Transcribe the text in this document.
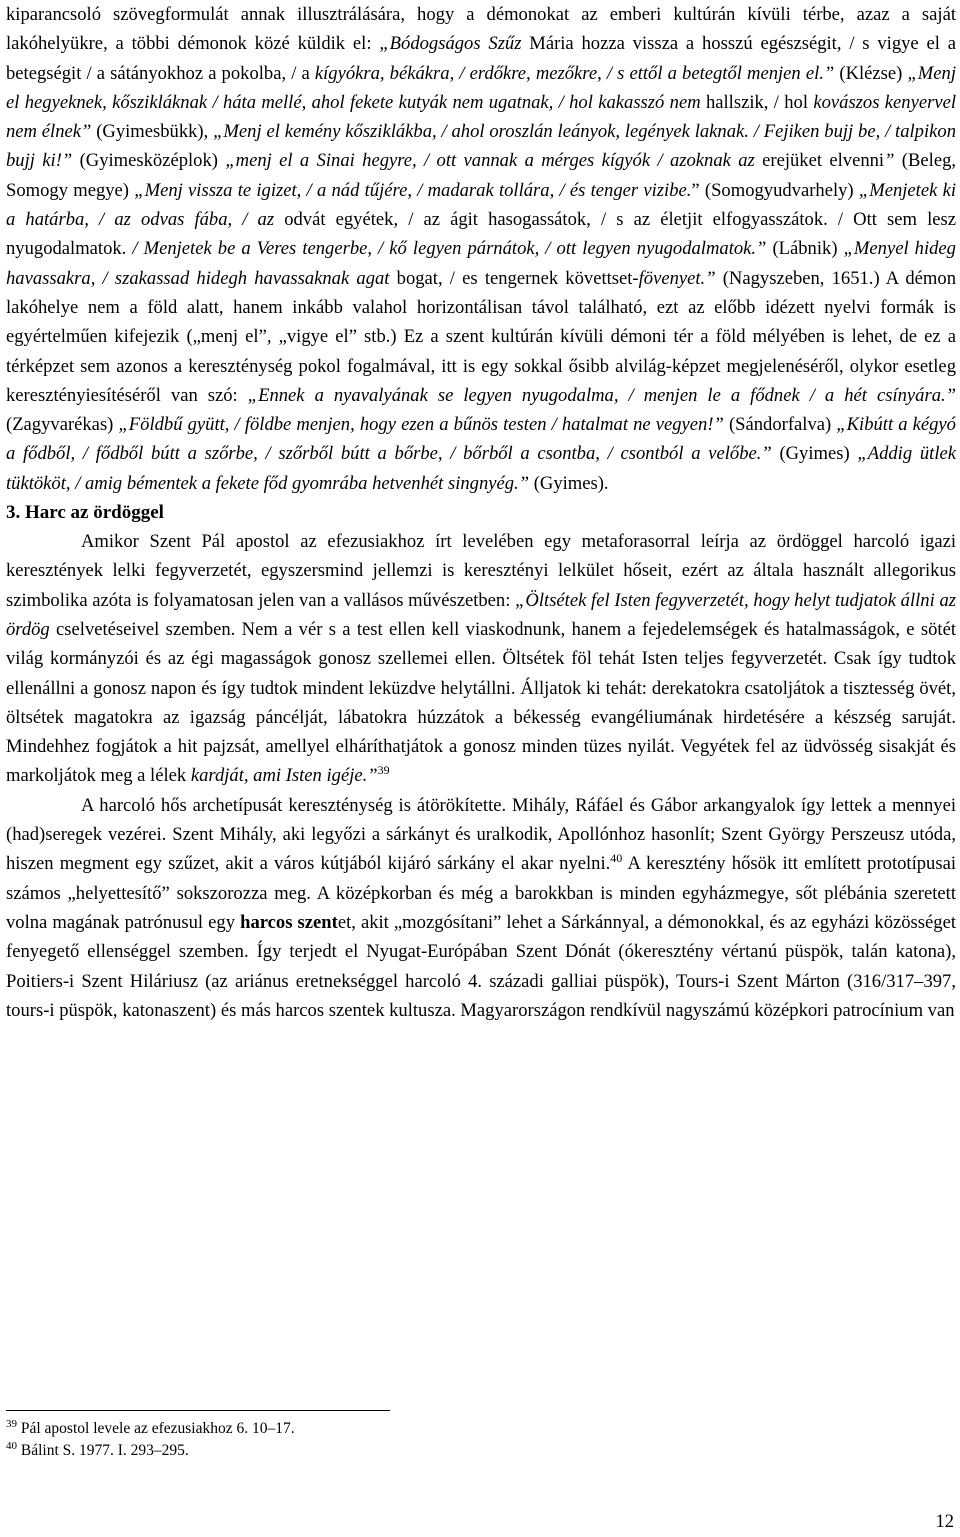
kiparancsoló szövegformulát annak illusztrálására, hogy a démonokat az emberi kultúrán kívüli térbe, azaz a saját lakóhelyükre, a többi démonok közé küldik el: „Bódogságos Szűz Mária hozza vissza a hosszú egészségit, / s vigye el a betegségit / a sátányokhoz a pokolba, / a kígyókra, békákra, / erdőkre, mezőkre, / s ettől a betegtől menjen el.” (Klézse) „Menj el hegyeknek, kőszikláknak / háta mellé, ahol fekete kutyák nem ugatnak, / hol kakasszó nem hallszik, / hol kovászos kenyervel nem élnek” (Gyimesbükk), „Menj el kemény kősziklákba, / ahol oroszlán leányok, legények laknak. / Fejiken bujj be, / talpikon bujj ki!” (Gyimesközéplok) „menj el a Sinai hegyre, / ott vannak a mérges kígyók / azoknak az erejüket elvenni” (Beleg, Somogy megye) „Menj vissza te igizet, / a nád tűjére, / madarak tollára, / és tenger vizibe.” (Somogyudvarhely) „Menjetek ki a határba, / az odvas fába, / az odvát egyétek, / az ágit hasogassátok, / s az életjit elfogyasszátok. / Ott sem lesz nyugodalmatok. / Menjetek be a Veres tengerbe, / kő legyen párnátok, / ott legyen nyugodalmatok.” (Lábnik) „Menyel hideg havassakra, / szakassad hidegh havassaknak agat bogat, / es tengernek követtset-fövenyet.” (Nagyszeben, 1651.) A démon lakóhelye nem a föld alatt, hanem inkább valahol horizontálisan távol található, ezt az előbb idézett nyelvi formák is egyértelműen kifejezik („menj el”, „vigye el” stb.) Ez a szent kultúrán kívüli démoni tér a föld mélyében is lehet, de ez a térképzet sem azonos a kereszténység pokol fogalmával, itt is egy sokkal ősibb alvilág-képzet megjelenéséről, olykor esetleg keresztényiesítéséről van szó: „Ennek a nyavalyának se legyen nyugodalma, / menjen le a fődnek / a hét csínyára.” (Zagyvarékas) „Földbű gyütt, / földbe menjen, hogy ezen a bűnös testen / hatalmat ne vegyen!” (Sándorfalva) „Kibútt a kégyó a fődből, / fődből bútt a szőrbe, / szőrből bútt a bőrbe, / bőrből a csontba, / csontból a velőbe.” (Gyimes) „Addig ütlek tüktököt, / amig bémentek a fekete főd gyomrába hetvenhét singnyég.” (Gyimes).

3. Harc az ördöggel

Amikor Szent Pál apostol az efezusiakhoz írt levelében egy metaforasorral leírja az ördöggel harcoló igazi keresztények lelki fegyverzetét, egyszersmind jellemzi is keresztényi lelkület hőseit, ezért az általa használt allegorikus szimbolika azóta is folyamatosan jelen van a vallásos művészetben: „Öltsétek fel Isten fegyverzetét, hogy helyt tudjatok állni az ördög cselvetéseivel szemben. Nem a vér s a test ellen kell viaskodnunk, hanem a fejedelemségek és hatalmasságok, e sötét világ kormányzói és az égi magasságok gonosz szellemei ellen. Öltsétek föl tehát Isten teljes fegyverzetét. Csak így tudtok ellenállni a gonosz napon és így tudtok mindent leküzdve helytállni. Álljatok ki tehát: derekatokra csatoljátok a tisztesség övét, öltsétek magatokra az igazság páncélját, lábatokra húzzátok a békesség evangéliumának hirdetésére a készség saruját. Mindehhez fogjátok a hit pajzsát, amellyel elháríthatjátok a gonosz minden tüzes nyilát. Vegyétek fel az üdvösség sisakját és markoljátok meg a lélek kardját, ami Isten igéje.”$^{39}$

A harcoló hős archetípusát kereszténység is átörökítette. Mihály, Ráfáel és Gábor arkangyalok így lettek a mennyei (had)seregek vezérei. Szent Mihály, aki legyőzi a sárkányt és uralkodik, Apollónhoz hasonlít; Szent György Perszeusz utóda, hiszen megment egy szűzet, akit a város kútjából kijáró sárkány el akar nyelni.$^{40}$ A keresztény hősök itt említett prototípusai számos „helyettesítő” sokszorozza meg. A középkorban és még a barokkban is minden egyházmegye, sőt plébánia szeretett volna magának patrónusul egy harcos szentet, akit „mozgósítani” lehet a Sárkánnyal, a démonokkal, és az egyházi közösséget fenyegető ellenséggel szemben. Így terjedt el Nyugat-Európában Szent Dónát (ókeresztény vértanú püspök, talán katona), Poitiers-i Szent Hiláriusz (az ariánus eretnekséggel harcoló 4. századi galliai püspök), Tours-i Szent Márton (316/317–397, tours-i püspök, katonaszent) és más harcos szentek kultusza. Magyarországon rendkívül nagyszámú középkori patrocínium van

$^{39}$ Pál apostol levele az efezusiakhoz 6. 10–17.
$^{40}$ Bálint S. 1977. I. 293–295.
12
